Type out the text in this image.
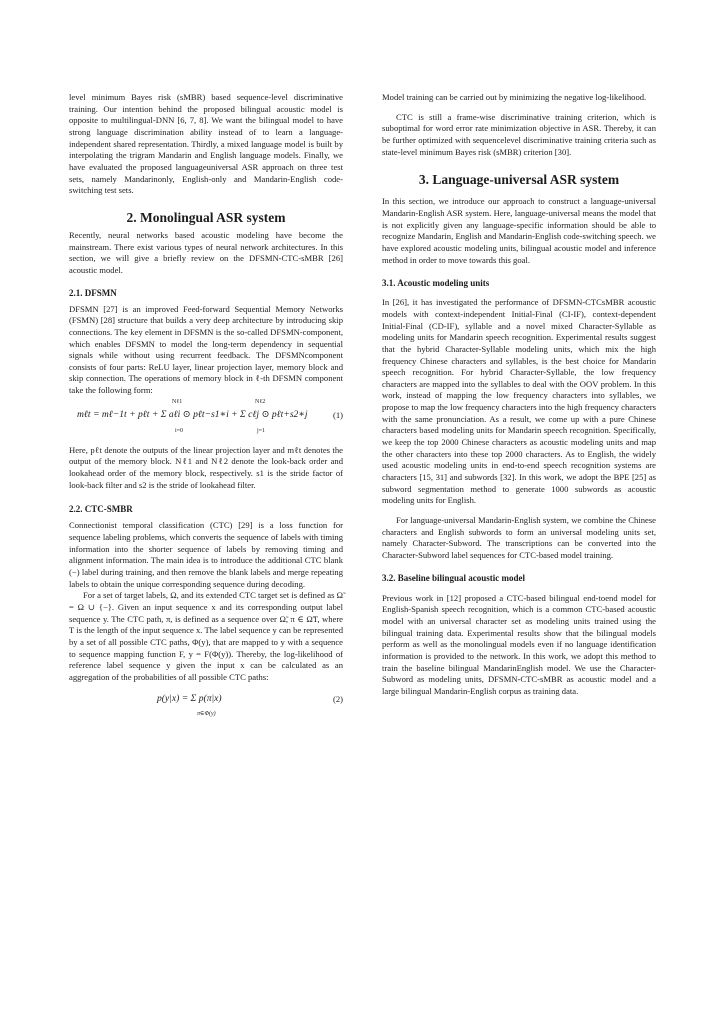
level minimum Bayes risk (sMBR) based sequence-level discriminative training. Our intention behind the proposed bilingual acoustic model is opposite to multilingual-DNN [6, 7, 8]. We want the bilingual model to have strong language discrimination ability instead of to learn a language-independent shared representation. Thirdly, a mixed language model is built by interpolating the trigram Mandarin and English language models. Finally, we have evaluated the proposed languageuniversal ASR approach on three test sets, namely Mandarinonly, English-only and Mandarin-English code-switching test sets.

2. Monolingual ASR system

Recently, neural networks based acoustic modeling have become the mainstream. There exist various types of neural network architectures. In this section, we will give a briefly review on the DFSMN-CTC-sMBR [26] acoustic model.

2.1. DFSMN

DFSMN [27] is an improved Feed-forward Sequential Memory Networks (FSMN) [28] structure that builds a very deep architecture by introducing skip connections. The key element in DFSMN is the so-called DFSMN-component, which enables DFSMN to model the long-term dependency in sequential signals while without using recurrent feedback. The DFSMNcomponent consists of four parts: ReLU layer, linear projection layer, memory block and skip connection. The operations of memory block in ℓ-th DFSMN component take the following form:

Nℓ1
i=0
Nℓ2
j=1
mℓt = mℓ−1t + pℓt + Σ aℓi ⊙ pℓt−s1∗i + Σ cℓj ⊙ pℓt+s2∗j	(1)

Here, pℓt denote the outputs of the linear projection layer and mℓt denotes the output of the memory block. Nℓ1 and Nℓ2 denote the look-back order and lookahead order of the memory block, respectively. s1 is the stride factor of look-back filter and s2 is the stride of lookahead filter.

2.2. CTC-SMBR

Connectionist temporal classification (CTC) [29] is a loss function for sequence labeling problems, which converts the sequence of labels with timing information into the shorter sequence of labels by removing timing and alignment information. The main idea is to introduce the additional CTC blank (−) label during training, and then remove the blank labels and merge repeating labels to obtain the unique corresponding sequence during decoding.

For a set of target labels, Ω, and its extended CTC target set is defined as Ω̃ = Ω ∪ {−}. Given an input sequence x and its corresponding output label sequence y. The CTC path, π, is defined as a sequence over Ω̃, π ∈ Ω̃T, where T is the length of the input sequence x. The label sequence y can be represented by a set of all possible CTC paths, Φ(y), that are mapped to y with a sequence to sequence mapping function F, y = F(Φ(y)). Thereby, the log-likelihood of reference label sequence y given the input x can be calculated as an aggregation of the probabilities of all possible CTC paths:

p(y|x) = Σ p(π|x)
π∈Φ(y)
(2)

Model training can be carried out by minimizing the negative log-likelihood.

CTC is still a frame-wise discriminative training criterion, which is suboptimal for word error rate minimization objective in ASR. Thereby, it can be further optimized with sequencelevel discriminative training criteria such as state-level minimum Bayes risk (sMBR) criterion [30].

3. Language-universal ASR system

In this section, we introduce our approach to construct a language-universal Mandarin-English ASR system. Here, language-universal means the model that is not explicitly given any language-specific information should be able to recognize Mandarin, English and Mandarin-English code-switching speech. we have explored acoustic modeling units, bilingual acoustic model and inference method in order to move towards this goal.

3.1. Acoustic modeling units

In [26], it has investigated the performance of DFSMN-CTCsMBR acoustic models with context-independent Initial-Final (CI-IF), context-dependent Initial-Final (CD-IF), syllable and a novel mixed Character-Syllable as modeling units for Mandarin speech recognition. Experimental results suggest that the hybrid Character-Syllable modeling units, which mix the high frequency Chinese characters and syllables, is the best choice for Mandarin speech recognition. For hybrid Character-Syllable, the low frequency characters are mapped into the syllables to deal with the OOV problem. In this work, instead of mapping the low frequency characters into syllables, we propose to map the low frequency characters into the high frequency characters with the same pronunciation. As a result, we come up with a pure Chinese characters based modeling units for Mandarin speech recognition. Specifically, we keep the top 2000 Chinese characters as acoustic modeling units and map the other characters into these top 2000 characters. As to English, the widely used acoustic modeling units in end-to-end speech recognition systems are characters [15, 31] and subwords [32]. In this work, we adopt the BPE [25] as subword segmentation method to generate 1000 subwords as acoustic modeling units for English.

For language-universal Mandarin-English system, we combine the Chinese characters and English subwords to form an universal modeling units set, namely Character-Subword. The transcriptions can be converted into the Character-Subword label sequences for CTC-based model training.

3.2. Baseline bilingual acoustic model

Previous work in [12] proposed a CTC-based bilingual end-toend model for English-Spanish speech recognition, which is a common CTC-based acoustic model with an universal character set as modeling units trained using the bilingual training data. Experimental results show that the bilingual models perform as well as the monolingual models even if no language identification information is provided to the network. In this work, we adopt this method to train the baseline bilingual MandarinEnglish model. We use the Character-Subword as modeling units, DFSMN-CTC-sMBR as acoustic model and a large bilingual Mandarin-English corpus as training data.
